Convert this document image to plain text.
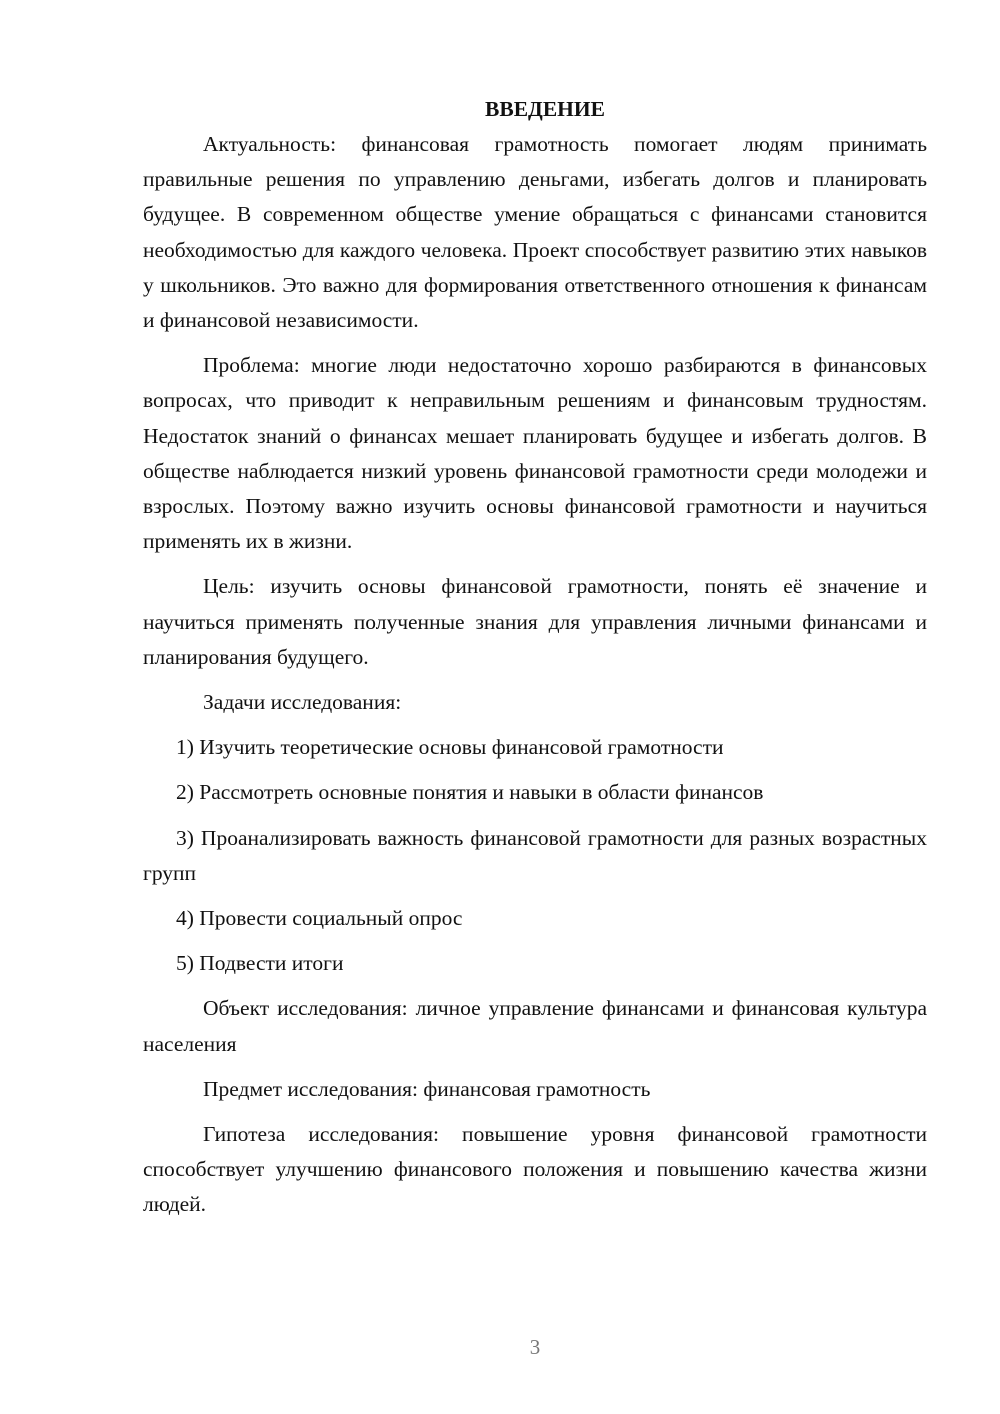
ВВЕДЕНИЕ

Актуальность: финансовая грамотность помогает людям принимать правильные решения по управлению деньгами, избегать долгов и планировать будущее. В современном обществе умение обращаться с финансами становится необходимостью для каждого человека. Проект способствует развитию этих навыков у школьников. Это важно для формирования ответственного отношения к финансам и финансовой независимости.

Проблема: многие люди недостаточно хорошо разбираются в финансовых вопросах, что приводит к неправильным решениям и финансовым трудностям. Недостаток знаний о финансах мешает планировать будущее и избегать долгов. В обществе наблюдается низкий уровень финансовой грамотности среди молодежи и взрослых. Поэтому важно изучить основы финансовой грамотности и научиться применять их в жизни.

Цель: изучить основы финансовой грамотности, понять её значение и научиться применять полученные знания для управления личными финансами и планирования будущего.

Задачи исследования:

1) Изучить теоретические основы финансовой грамотности

2) Рассмотреть основные понятия и навыки в области финансов

3) Проанализировать важность финансовой грамотности для разных возрастных групп

4) Провести социальный опрос

5) Подвести итоги

Объект исследования: личное управление финансами и финансовая культура населения

Предмет исследования: финансовая грамотность

Гипотеза исследования: повышение уровня финансовой грамотности способствует улучшению финансового положения и повышению качества жизни людей.

3
